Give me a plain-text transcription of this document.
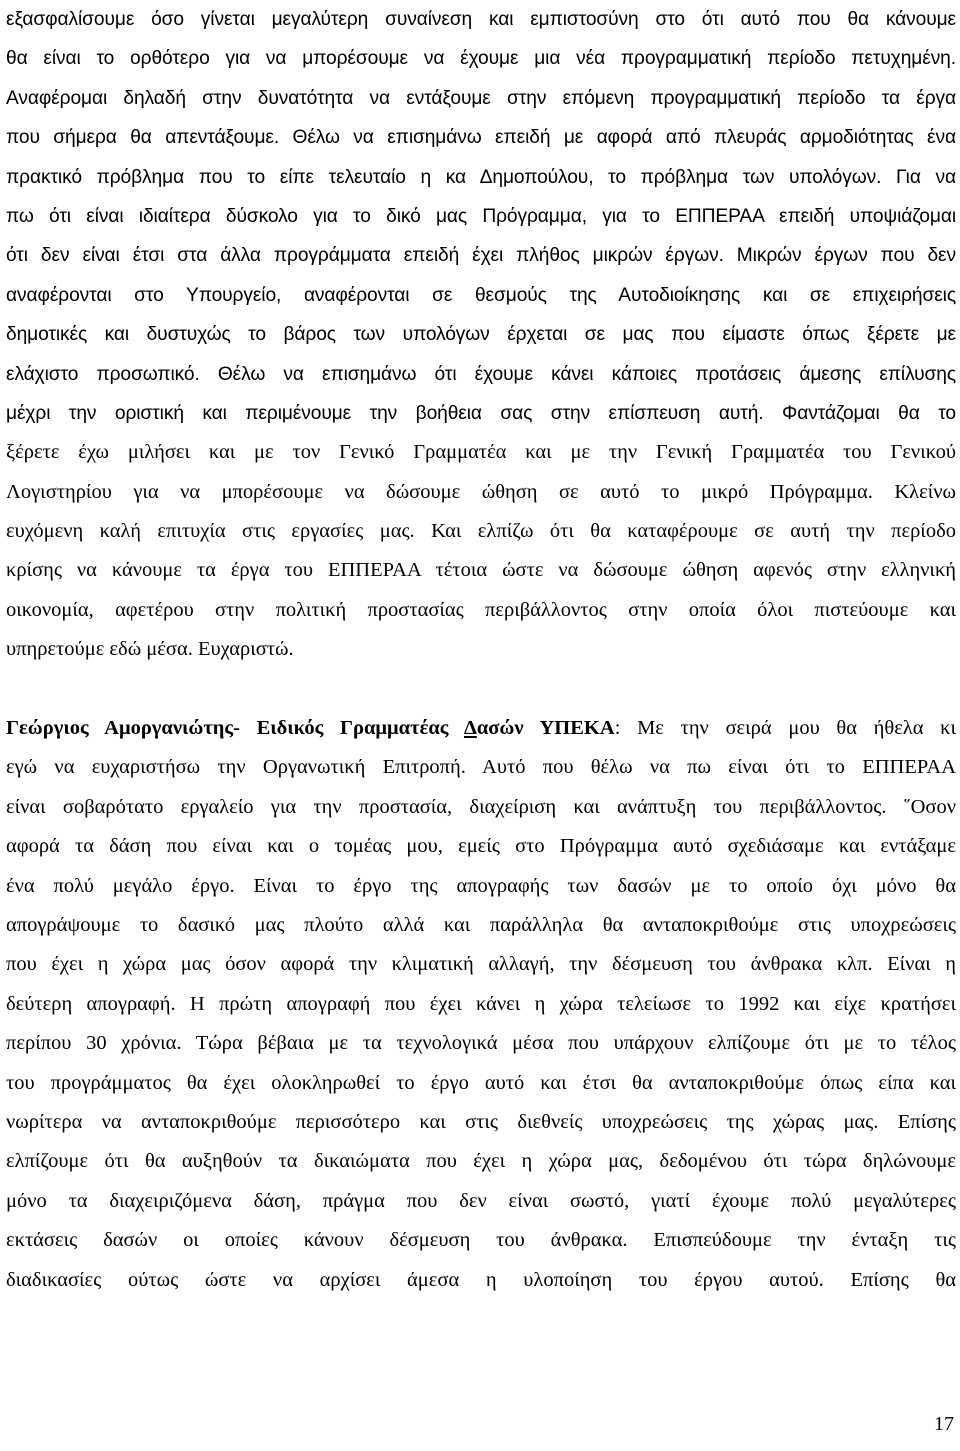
εξασφαλίσουμε όσο γίνεται μεγαλύτερη συναίνεση και εμπιστοσύνη στο ότι αυτό που θα κάνουμε
θα είναι το ορθότερο για να μπορέσουμε να έχουμε μια νέα προγραμματική περίοδο πετυχημένη.
Αναφέρομαι δηλαδή στην δυνατότητα να εντάξουμε στην επόμενη προγραμματική περίοδο τα έργα
που σήμερα θα απεντάξουμε. Θέλω να επισημάνω επειδή με αφορά από πλευράς αρμοδιότητας ένα
πρακτικό πρόβλημα που το είπε τελευταίο η κα Δημοπούλου, το πρόβλημα των υπολόγων. Για να
πω ότι είναι ιδιαίτερα δύσκολο για το δικό μας Πρόγραμμα, για το ΕΠΠΕΡΑΑ επειδή υποψιάζομαι
ότι δεν είναι έτσι στα άλλα προγράμματα επειδή έχει πλήθος μικρών έργων. Μικρών έργων που δεν
αναφέρονται στο Υπουργείο, αναφέρονται σε θεσμούς της Αυτοδιοίκησης και σε επιχειρήσεις
δημοτικές και δυστυχώς το βάρος των υπολόγων έρχεται σε μας που είμαστε όπως ξέρετε με
ελάχιστο προσωπικό. Θέλω να επισημάνω ότι έχουμε κάνει κάποιες προτάσεις άμεσης επίλυσης
μέχρι την οριστική και περιμένουμε την βοήθεια σας στην επίσπευση αυτή. Φαντάζομαι θα το
ξέρετε έχω μιλήσει και με τον Γενικό Γραμματέα και με την Γενική Γραμματέα του Γενικού
Λογιστηρίου για να μπορέσουμε να δώσουμε ώθηση σε αυτό το μικρό Πρόγραμμα. Κλείνω
ευχόμενη καλή επιτυχία στις εργασίες μας. Και ελπίζω ότι θα καταφέρουμε σε αυτή την περίοδο
κρίσης να κάνουμε τα έργα του ΕΠΠΕΡΑΑ τέτοια ώστε να δώσουμε ώθηση αφενός στην ελληνική
οικονομία, αφετέρου στην πολιτική προστασίας περιβάλλοντος στην οποία όλοι πιστεύουμε και
υπηρετούμε εδώ μέσα. Ευχαριστώ.
Γεώργιος Αμοργανιώτης- Ειδικός Γραμματέας Δασών ΥΠΕΚΑ: Με την σειρά μου θα ήθελα κι
εγώ να ευχαριστήσω την Οργανωτική Επιτροπή. Αυτό που θέλω να πω είναι ότι το ΕΠΠΕΡΑΑ
είναι σοβαρότατο εργαλείο για την προστασία, διαχείριση και ανάπτυξη του περιβάλλοντος. ῞Οσον
αφορά τα δάση που είναι και ο τομέας μου, εμείς στο Πρόγραμμα αυτό σχεδιάσαμε και εντάξαμε
ένα πολύ μεγάλο έργο. Είναι το έργο της απογραφής των δασών με το οποίο όχι μόνο θα
απογράψουμε το δασικό μας πλούτο αλλά και παράλληλα θα ανταποκριθούμε στις υποχρεώσεις
που έχει η χώρα μας όσον αφορά την κλιματική αλλαγή, την δέσμευση του άνθρακα κλπ. Είναι η
δεύτερη απογραφή. Η πρώτη απογραφή που έχει κάνει η χώρα τελείωσε το 1992 και είχε κρατήσει
περίπου 30 χρόνια. Τώρα βέβαια με τα τεχνολογικά μέσα που υπάρχουν ελπίζουμε ότι με το τέλος
του προγράμματος θα έχει ολοκληρωθεί το έργο αυτό και έτσι θα ανταποκριθούμε όπως είπα και
νωρίτερα να ανταποκριθούμε περισσότερο και στις διεθνείς υποχρεώσεις της χώρας μας. Επίσης
ελπίζουμε ότι θα αυξηθούν τα δικαιώματα που έχει η χώρα μας, δεδομένου ότι τώρα δηλώνουμε
μόνο τα διαχειριζόμενα δάση, πράγμα που δεν είναι σωστό, γιατί έχουμε πολύ μεγαλύτερες
εκτάσεις δασών οι οποίες κάνουν δέσμευση του άνθρακα. Επισπεύδουμε την ένταξη τις
διαδικασίες ούτως ώστε να αρχίσει άμεσα η υλοποίηση του έργου αυτού. Επίσης θα
17
